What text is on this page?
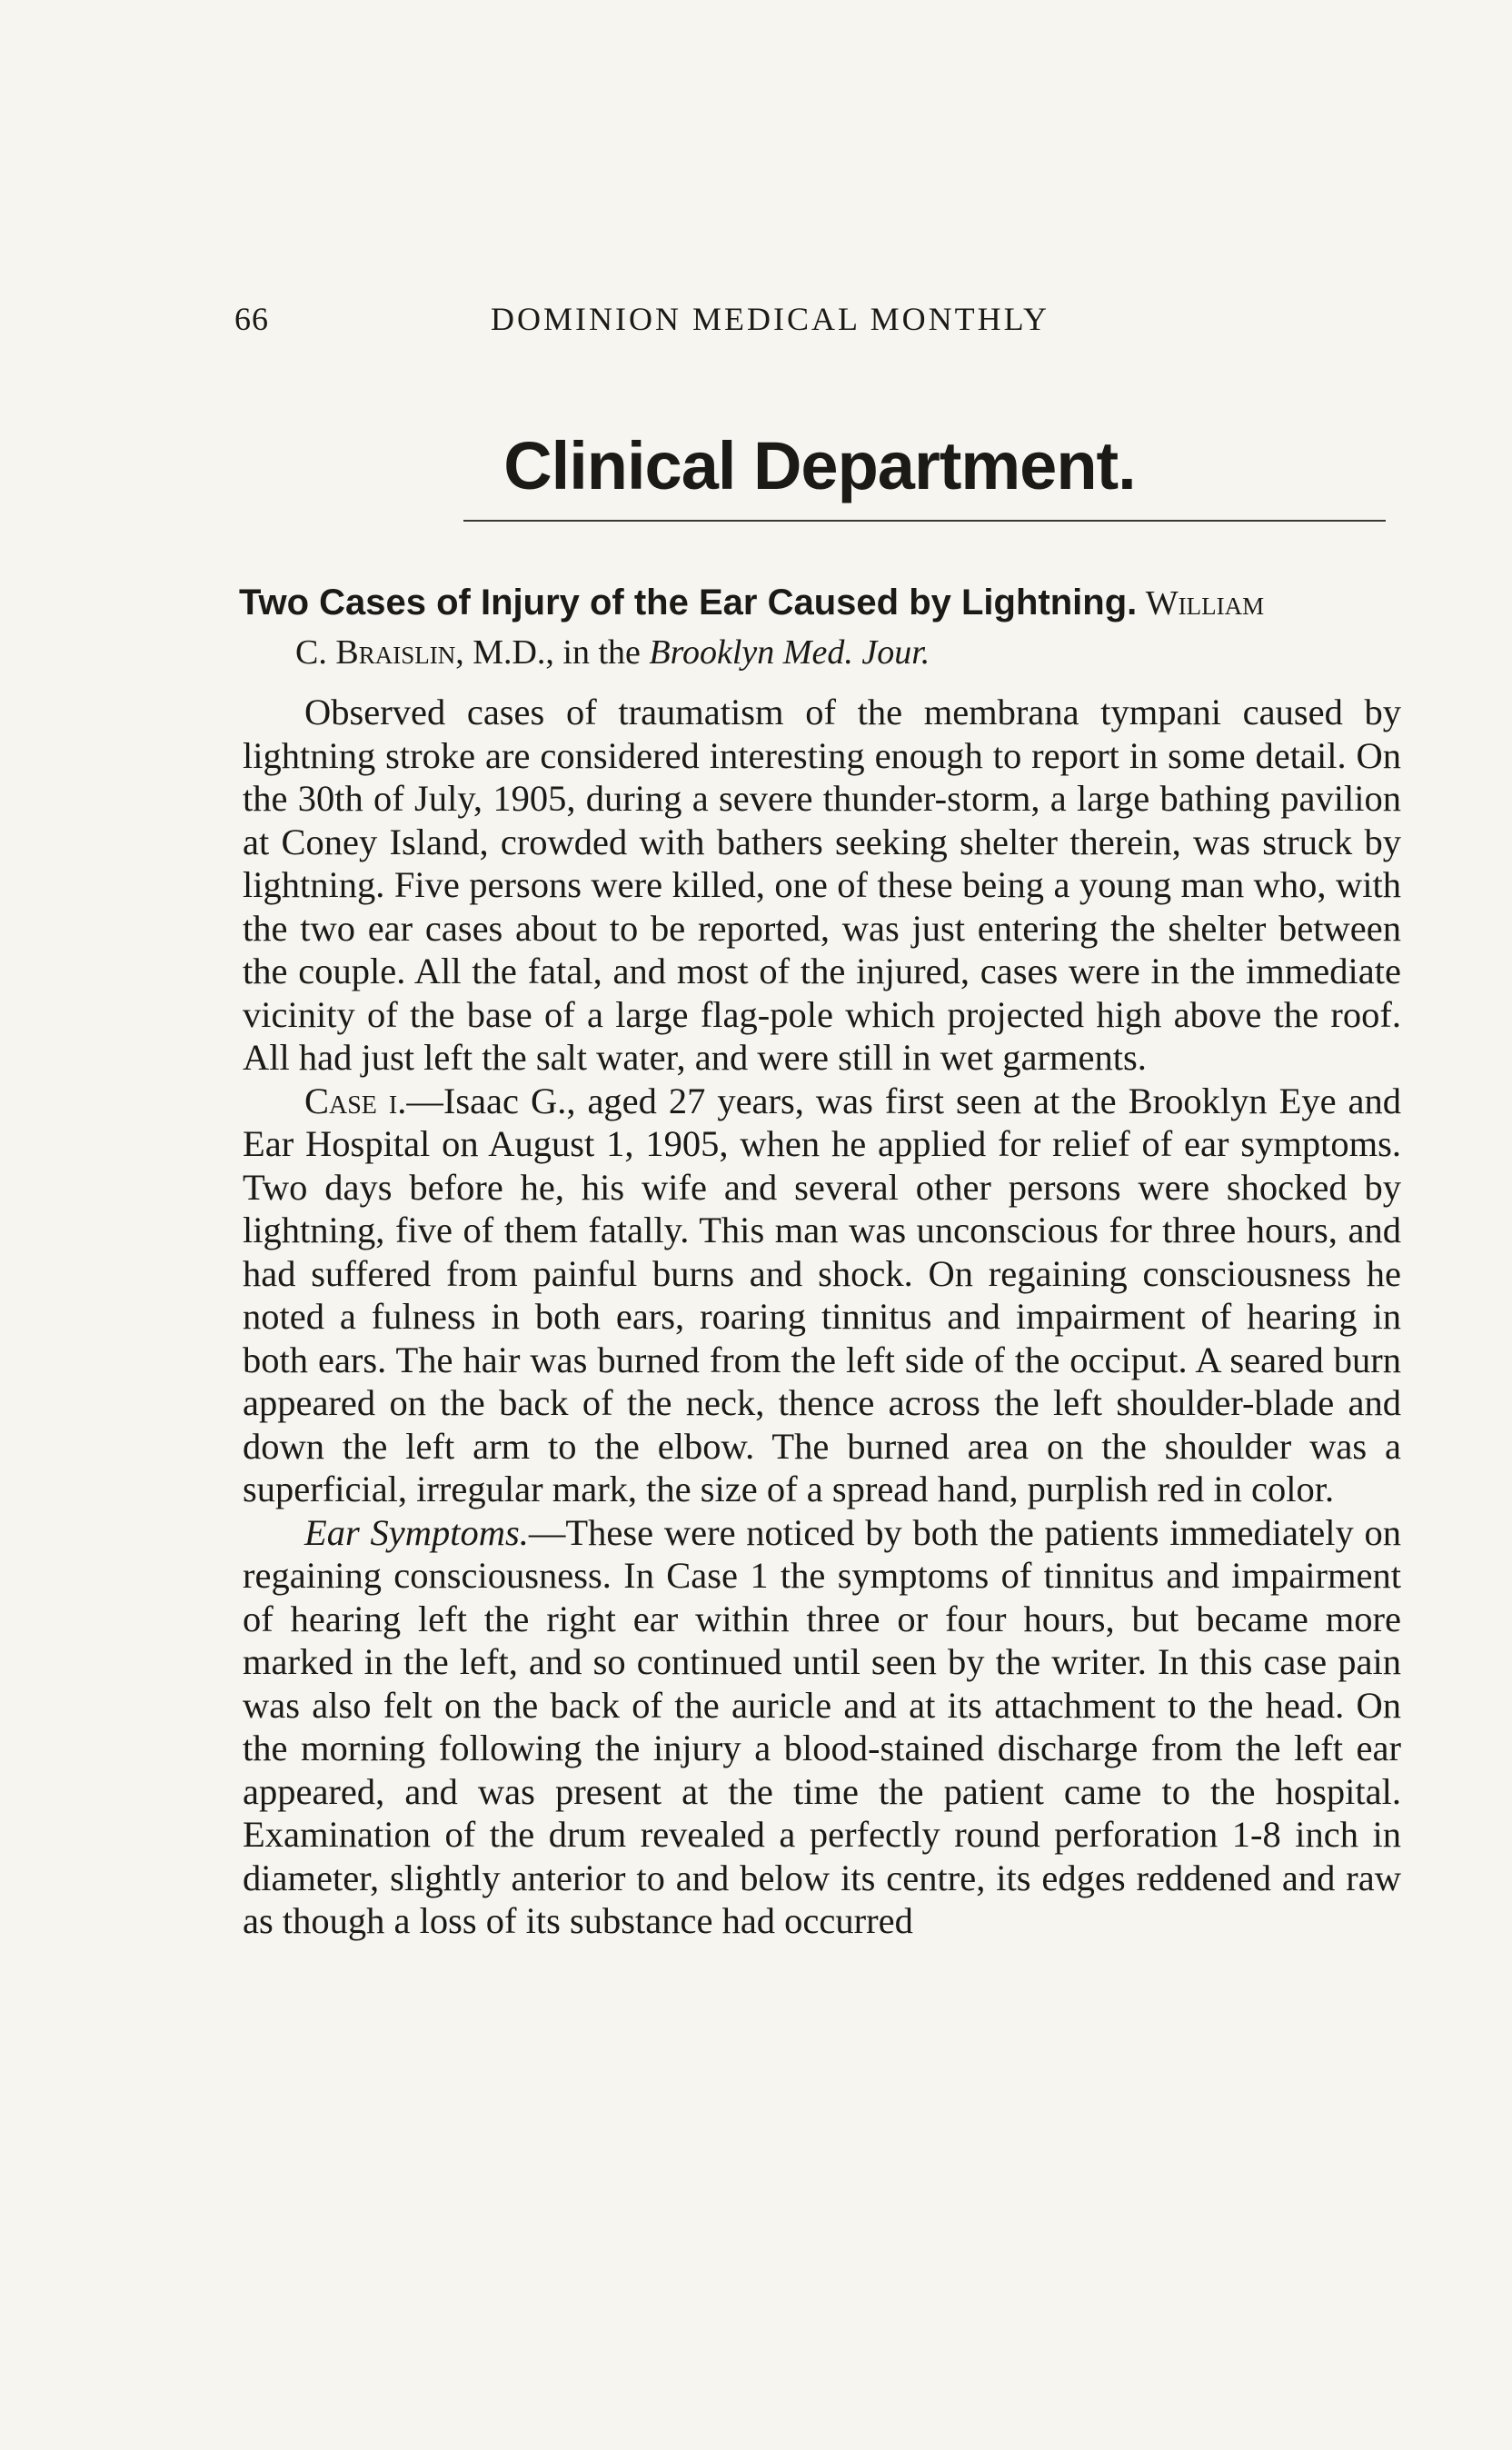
66	DOMINION MEDICAL MONTHLY
Clinical Department.
Two Cases of Injury of the Ear Caused by Lightning. William
C. Braislin, M.D., in the Brooklyn Med. Jour.

Observed cases of traumatism of the membrana tympani caused by lightning stroke are considered interesting enough to report in some detail. On the 30th of July, 1905, during a severe thunder-storm, a large bathing pavilion at Coney Island, crowded with bathers seeking shelter therein, was struck by lightning. Five persons were killed, one of these being a young man who, with the two ear cases about to be reported, was just entering the shelter between the couple. All the fatal, and most of the injured, cases were in the immediate vicinity of the base of a large flag-pole which projected high above the roof. All had just left the salt water, and were still in wet garments.

Case i.—Isaac G., aged 27 years, was first seen at the Brooklyn Eye and Ear Hospital on August 1, 1905, when he applied for relief of ear symptoms. Two days before he, his wife and several other persons were shocked by lightning, five of them fatally. This man was unconscious for three hours, and had suffered from painful burns and shock. On regaining consciousness he noted a fulness in both ears, roaring tinnitus and impairment of hearing in both ears. The hair was burned from the left side of the occiput. A seared burn appeared on the back of the neck, thence across the left shoulder-blade and down the left arm to the elbow. The burned area on the shoulder was a superficial, irregular mark, the size of a spread hand, purplish red in color.

Ear Symptoms.—These were noticed by both the patients immediately on regaining consciousness. In Case 1 the symptoms of tinnitus and impairment of hearing left the right ear within three or four hours, but became more marked in the left, and so continued until seen by the writer. In this case pain was also felt on the back of the auricle and at its attachment to the head. On the morning following the injury a blood-stained discharge from the left ear appeared, and was present at the time the patient came to the hospital. Examination of the drum revealed a perfectly round perforation 1-8 inch in diameter, slightly anterior to and below its centre, its edges reddened and raw as though a loss of its substance had occurred
